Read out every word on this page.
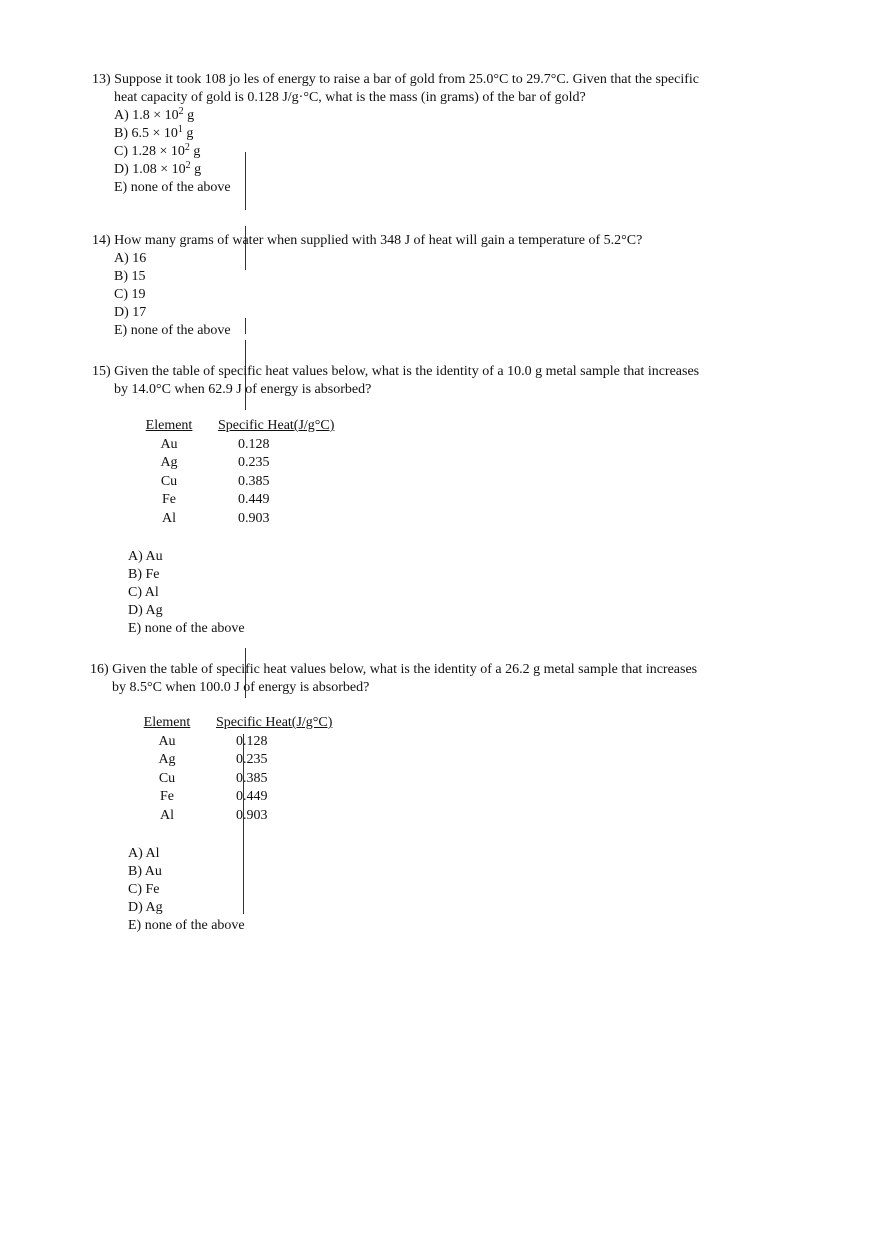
13) Suppose it took 108 jo les of energy to raise a bar of gold from 25.0°C to 29.7°C. Given that the specific heat capacity of gold is 0.128 J/g·°C, what is the mass (in grams) of the bar of gold?

A) $1.8 \times 10^2$ g
B) $6.5 \times 10^1$ g
C) $1.28 \times 10^2$ g
D) $1.08 \times 10^2$ g
E) none of the above

14) How many grams of water when supplied with 348 J of heat will gain a temperature of 5.2°C?

A) 16
B) 15
C) 19
D) 17
E) none of the above

15) Given the table of specific heat values below, what is the identity of a 10.0 g metal sample that increases by 14.0°C when 62.9 J of energy is absorbed?

Element	Specific Heat(J/g°C)
Au	0.128
Ag	0.235
Cu	0.385
Fe	0.449
Al	0.903
A) Au
B) Fe
C) Al
D) Ag
E) none of the above

16) Given the table of specific heat values below, what is the identity of a 26.2 g metal sample that increases by 8.5°C when 100.0 J of energy is absorbed?

Element	Specific Heat(J/g°C)
Au	0.128
Ag	0.235
Cu	0.385
Fe	0.449
Al	0.903
A) Al
B) Au
C) Fe
D) Ag
E) none of the above
